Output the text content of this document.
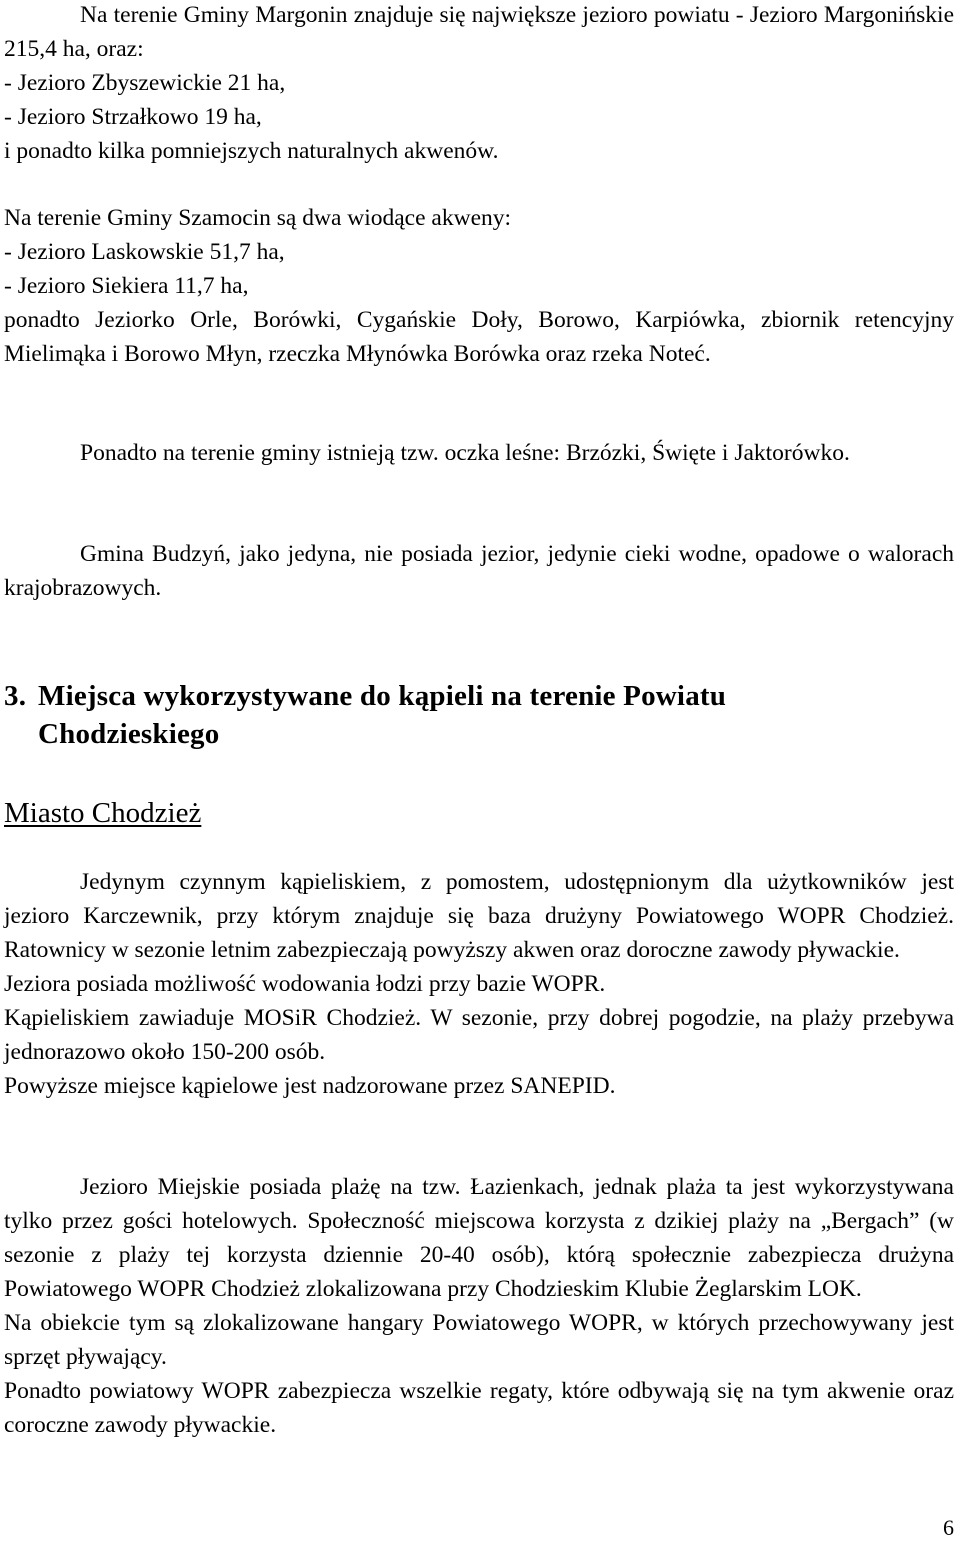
Na terenie Gminy Margonin znajduje się największe jezioro powiatu - Jezioro Margonińskie 215,4 ha, oraz:

- Jezioro Zbyszewickie 21 ha,

- Jezioro Strzałkowo 19 ha,

i ponadto kilka pomniejszych naturalnych akwenów.

Na terenie Gminy Szamocin są dwa wiodące akweny:

- Jezioro Laskowskie 51,7 ha,

- Jezioro Siekiera 11,7 ha,

ponadto Jeziorko Orle, Borówki, Cygańskie Doły, Borowo, Karpiówka, zbiornik retencyjny Mielimąka i Borowo Młyn, rzeczka Młynówka Borówka oraz rzeka Noteć.

Ponadto na terenie gminy istnieją tzw. oczka leśne: Brzózki, Święte i Jaktorówko.

Gmina Budzyń, jako jedyna, nie posiada jezior, jedynie cieki wodne, opadowe o walorach krajobrazowych.

3. Miejsca wykorzystywane do kąpieli na terenie Powiatu
Chodzieskiego
Miasto Chodzież

Jedynym czynnym kąpieliskiem, z pomostem, udostępnionym dla użytkowników jest jezioro Karczewnik, przy którym znajduje się baza drużyny Powiatowego WOPR Chodzież. Ratownicy w sezonie letnim zabezpieczają powyższy akwen oraz doroczne zawody pływackie.

Jeziora posiada możliwość wodowania łodzi przy bazie WOPR.

Kąpieliskiem zawiaduje MOSiR Chodzież. W sezonie, przy dobrej pogodzie, na plaży przebywa jednorazowo około 150-200 osób.

Powyższe miejsce kąpielowe jest nadzorowane przez SANEPID.

Jezioro Miejskie posiada plażę na tzw. Łazienkach, jednak plaża ta jest wykorzystywana tylko przez gości hotelowych. Społeczność miejscowa korzysta z dzikiej plaży na „Bergach” (w sezonie z plaży tej korzysta dziennie 20-40 osób), którą społecznie zabezpiecza drużyna Powiatowego WOPR Chodzież zlokalizowana przy Chodzieskim Klubie Żeglarskim LOK.

Na obiekcie tym są zlokalizowane hangary Powiatowego WOPR, w których przechowywany jest sprzęt pływający.

Ponadto powiatowy WOPR zabezpiecza wszelkie regaty, które odbywają się na tym akwenie oraz coroczne zawody pływackie.

6
